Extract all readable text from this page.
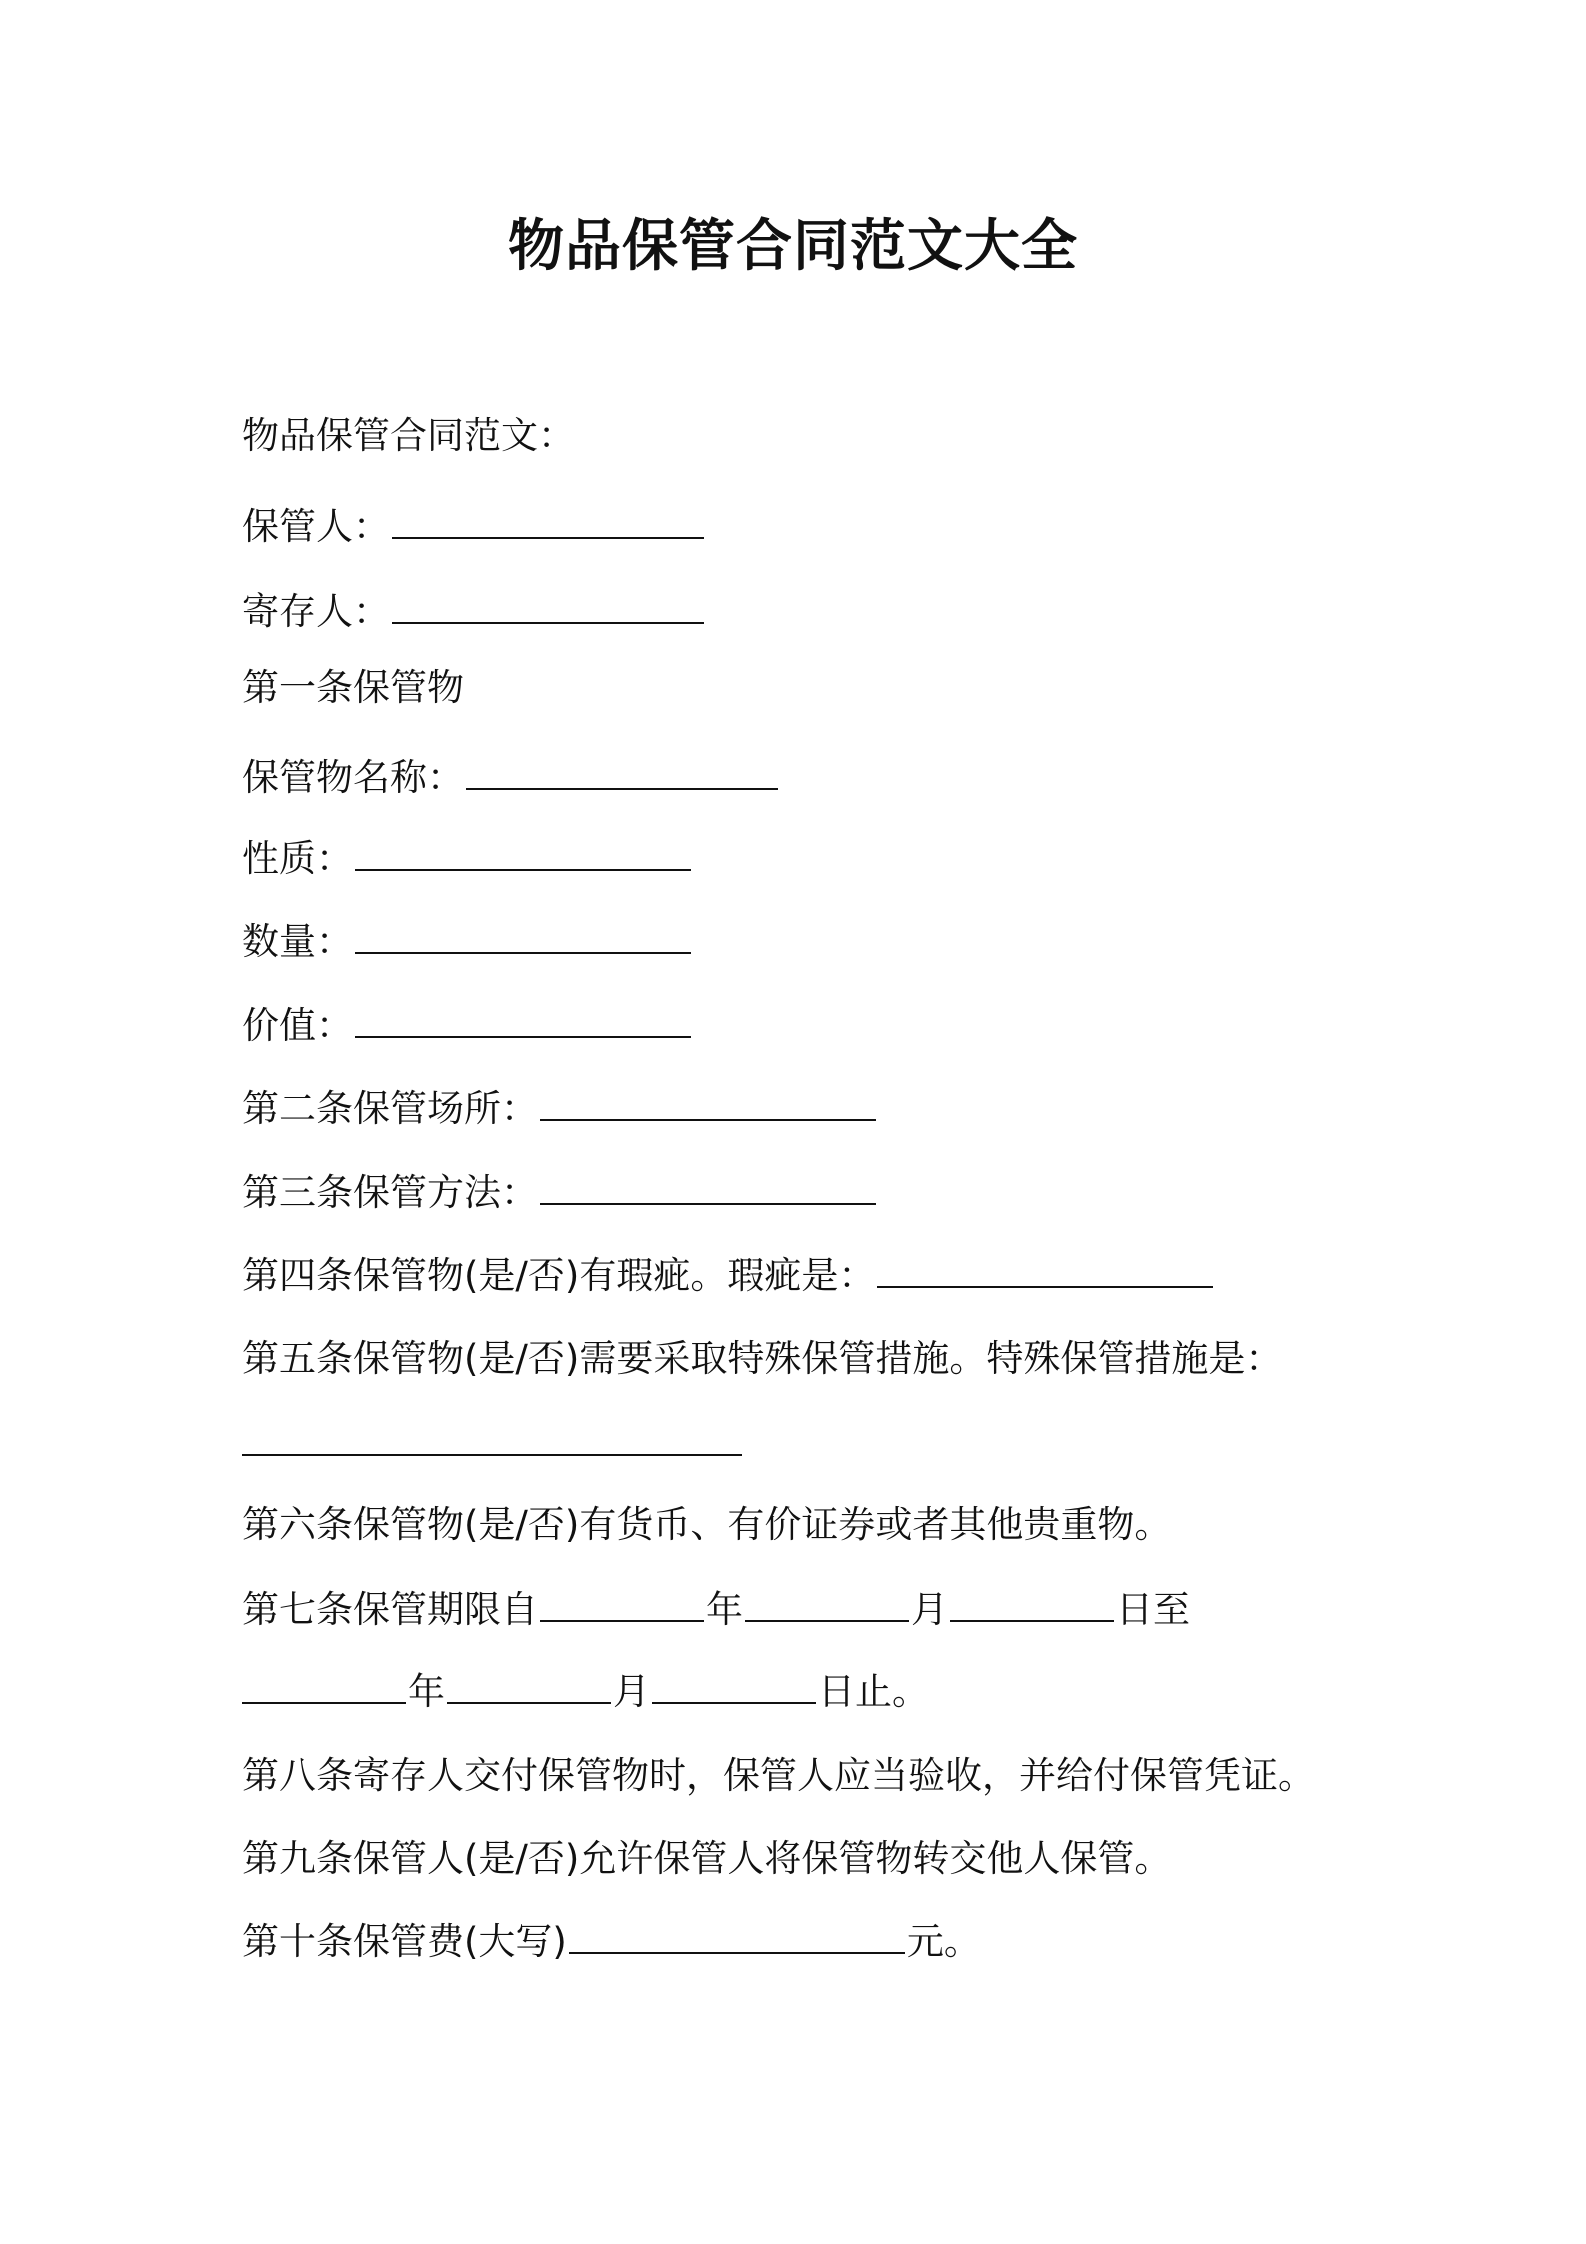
物品保管合同范文大全

物品保管合同范文：

保管人：

寄存人：

第一条保管物

保管物名称：

性质：

数量：

价值：

第二条保管场所：

第三条保管方法：

第四条保管物(是/否)有瑕疵。瑕疵是：

第五条保管物(是/否)需要采取特殊保管措施。特殊保管措施是：

第六条保管物(是/否)有货币、有价证券或者其他贵重物。

第七条保管期限自	年	月	日至

年	月	日止。

第八条寄存人交付保管物时，保管人应当验收，并给付保管凭证。

第九条保管人(是/否)允许保管人将保管物转交他人保管。

第十条保管费(大写)	元。
